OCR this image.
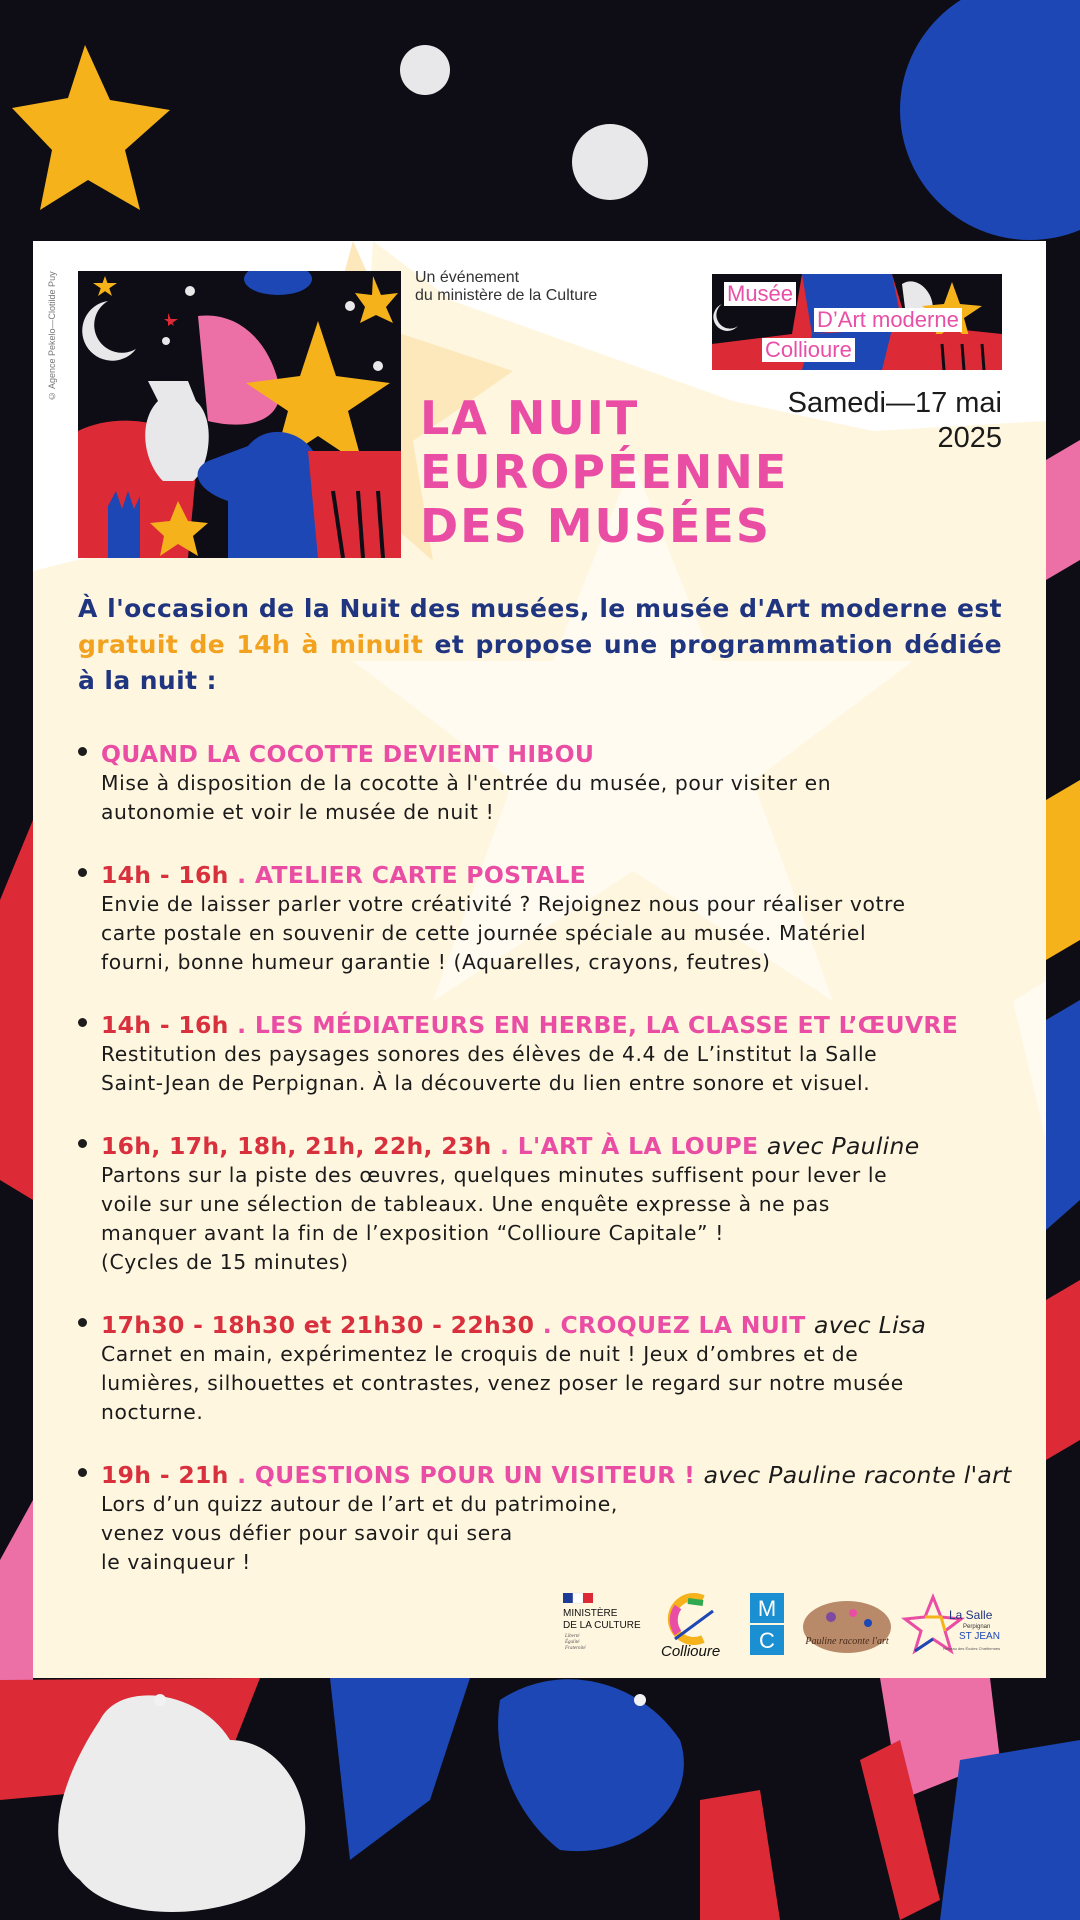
© Agence Pekelo—Clotilde Puy	Un événement
du ministère de la Culture	Musée
D’Art moderne
Collioure
Samedi—17 mai
2025
LA NUIT
EUROPÉENNE
DES MUSÉES
À l'occasion de la Nuit des musées, le musée d'Art moderne est gratuit de 14h à minuit et propose une programmation dédiée à la nuit :
QUAND LA COCOTTE DEVIENT HIBOU
Mise à disposition de la cocotte à l'entrée du musée, pour visiter en
autonomie et voir le musée de nuit !
14h - 16h . ATELIER CARTE POSTALE
Envie de laisser parler votre créativité ? Rejoignez nous pour réaliser votre
carte postale en souvenir de cette journée spéciale au musée. Matériel
fourni, bonne humeur garantie ! (Aquarelles, crayons, feutres)
14h - 16h . LES MÉDIATEURS EN HERBE, LA CLASSE ET L’ŒUVRE
Restitution des paysages sonores des élèves de 4.4 de L’institut la Salle
Saint-Jean de Perpignan. À la découverte du lien entre sonore et visuel.
16h, 17h, 18h, 21h, 22h, 23h . L'ART À LA LOUPE avec Pauline
Partons sur la piste des œuvres, quelques minutes suffisent pour lever le
voile sur une sélection de tableaux. Une enquête expresse à ne pas
manquer avant la fin de l’exposition “Collioure Capitale” !
(Cycles de 15 minutes)
17h30 - 18h30 et 21h30 - 22h30 . CROQUEZ LA NUIT avec Lisa
Carnet en main, expérimentez le croquis de nuit ! Jeux d’ombres et de
lumières, silhouettes et contrastes, venez poser le regard sur notre musée
nocturne.
19h - 21h . QUESTIONS POUR UN VISITEUR ! avec Pauline raconte l'art
Lors d’un quizz autour de l’art et du patrimoine,
venez vous défier pour savoir qui sera
le vainqueur !
MINISTÈRE
DE LA CULTURE
Liberté
Égalité
Fraternité	Collioure
M
C	Pauline raconte l'art
La Salle
Perpignan
ST JEAN
Réseau des Écoles Chrétiennes
